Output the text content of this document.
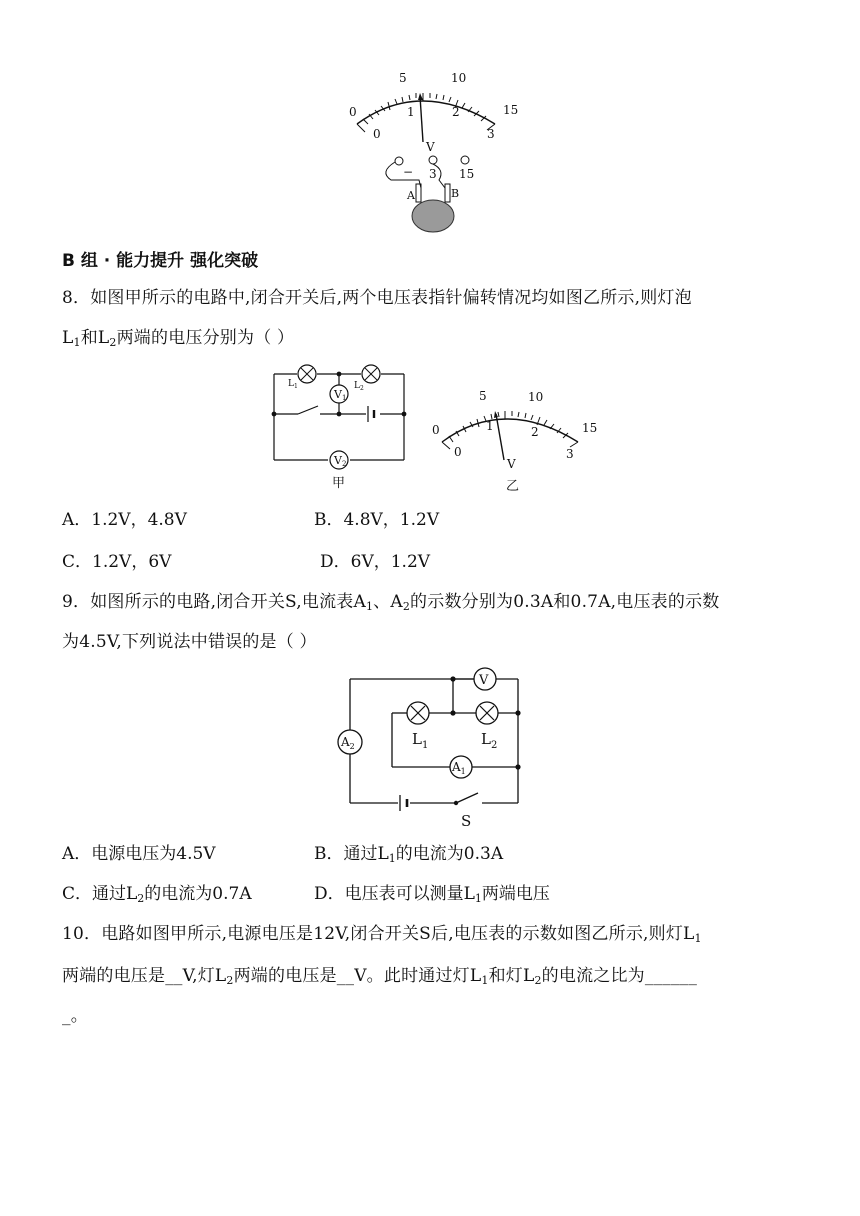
0
5	10
15
0
1	2
3
V
− 3 15
A	B
B 组 · 能力提升 强化突破
8．如图甲所示的电路中,闭合开关后,两个电压表指针偏转情况均如图乙所示,则灯泡
$L_1$和$L_2$两端的电压分别为（ ）
V1
V2
$L_1$	$L_2$
甲
0
5	10
15
0
1	2
3
V
乙
A．1.2V，4.8V	B．4.8V，1.2V
C．1.2V，6V	D．6V，1.2V
9．如图所示的电路,闭合开关S,电流表$A_1$、$A_2$的示数分别为0.3A和0.7A,电压表的示数
为4.5V,下列说法中错误的是（ ）
V
$A_2$
$A_1$
$L_1$	$L_2$
S
A．电源电压为4.5V	B．通过$L_1$的电流为0.3A
C．通过$L_2$的电流为0.7A	D．电压表可以测量$L_1$两端电压
10．电路如图甲所示,电源电压是12V,闭合开关S后,电压表的示数如图乙所示,则灯$L_1$
两端的电压是__V,灯$L_2$两端的电压是__V。此时通过灯$L_1$和灯$L_2$的电流之比为______
_。
